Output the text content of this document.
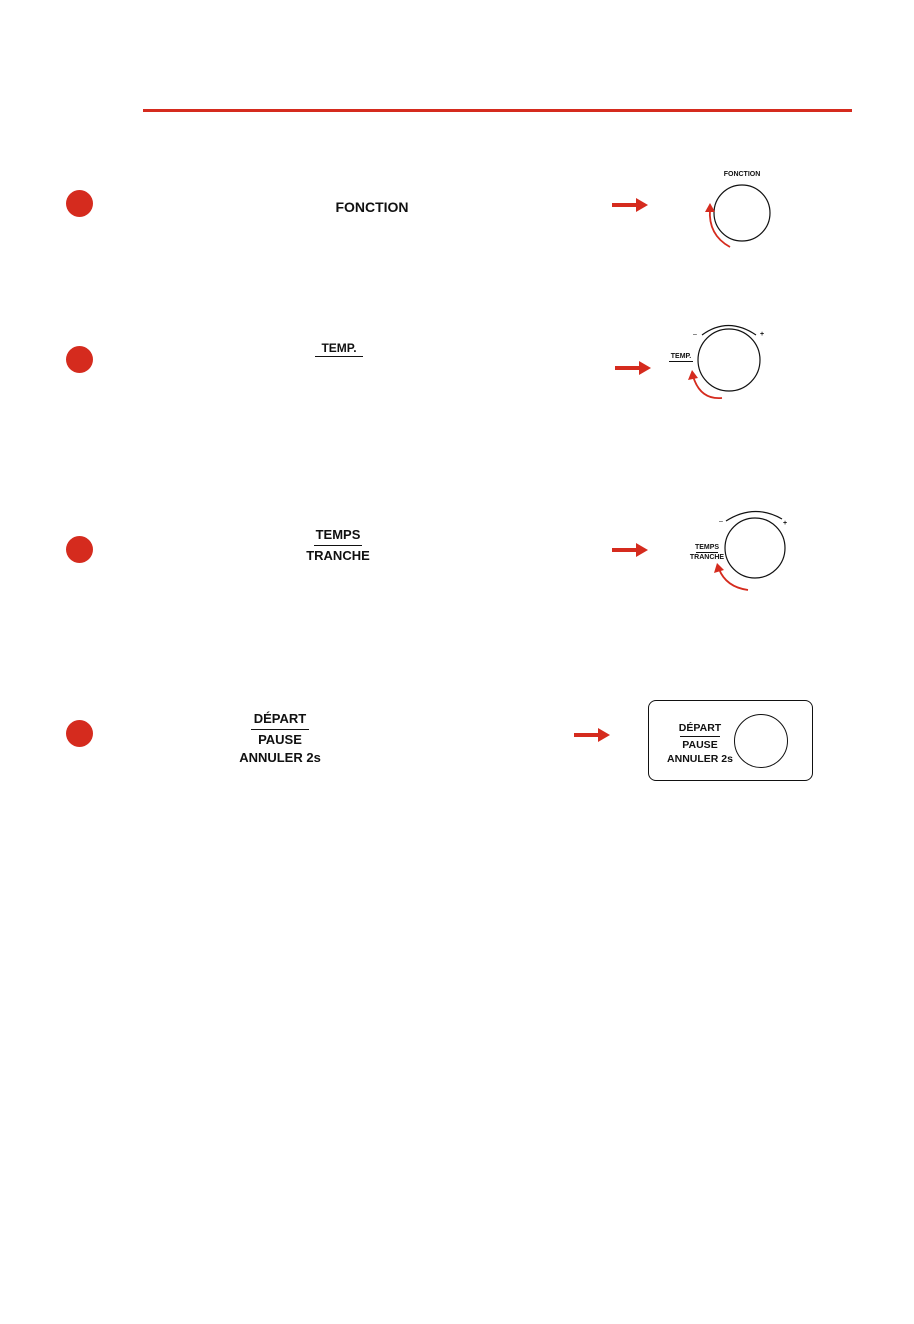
FONCTION
FONCTION
TEMP.
TEMP.
–	+
TEMPS
TRANCHE
TEMPS
TRANCHE
–	+
DÉPART
PAUSE
ANNULER 2s
DÉPART
PAUSE
ANNULER 2s
